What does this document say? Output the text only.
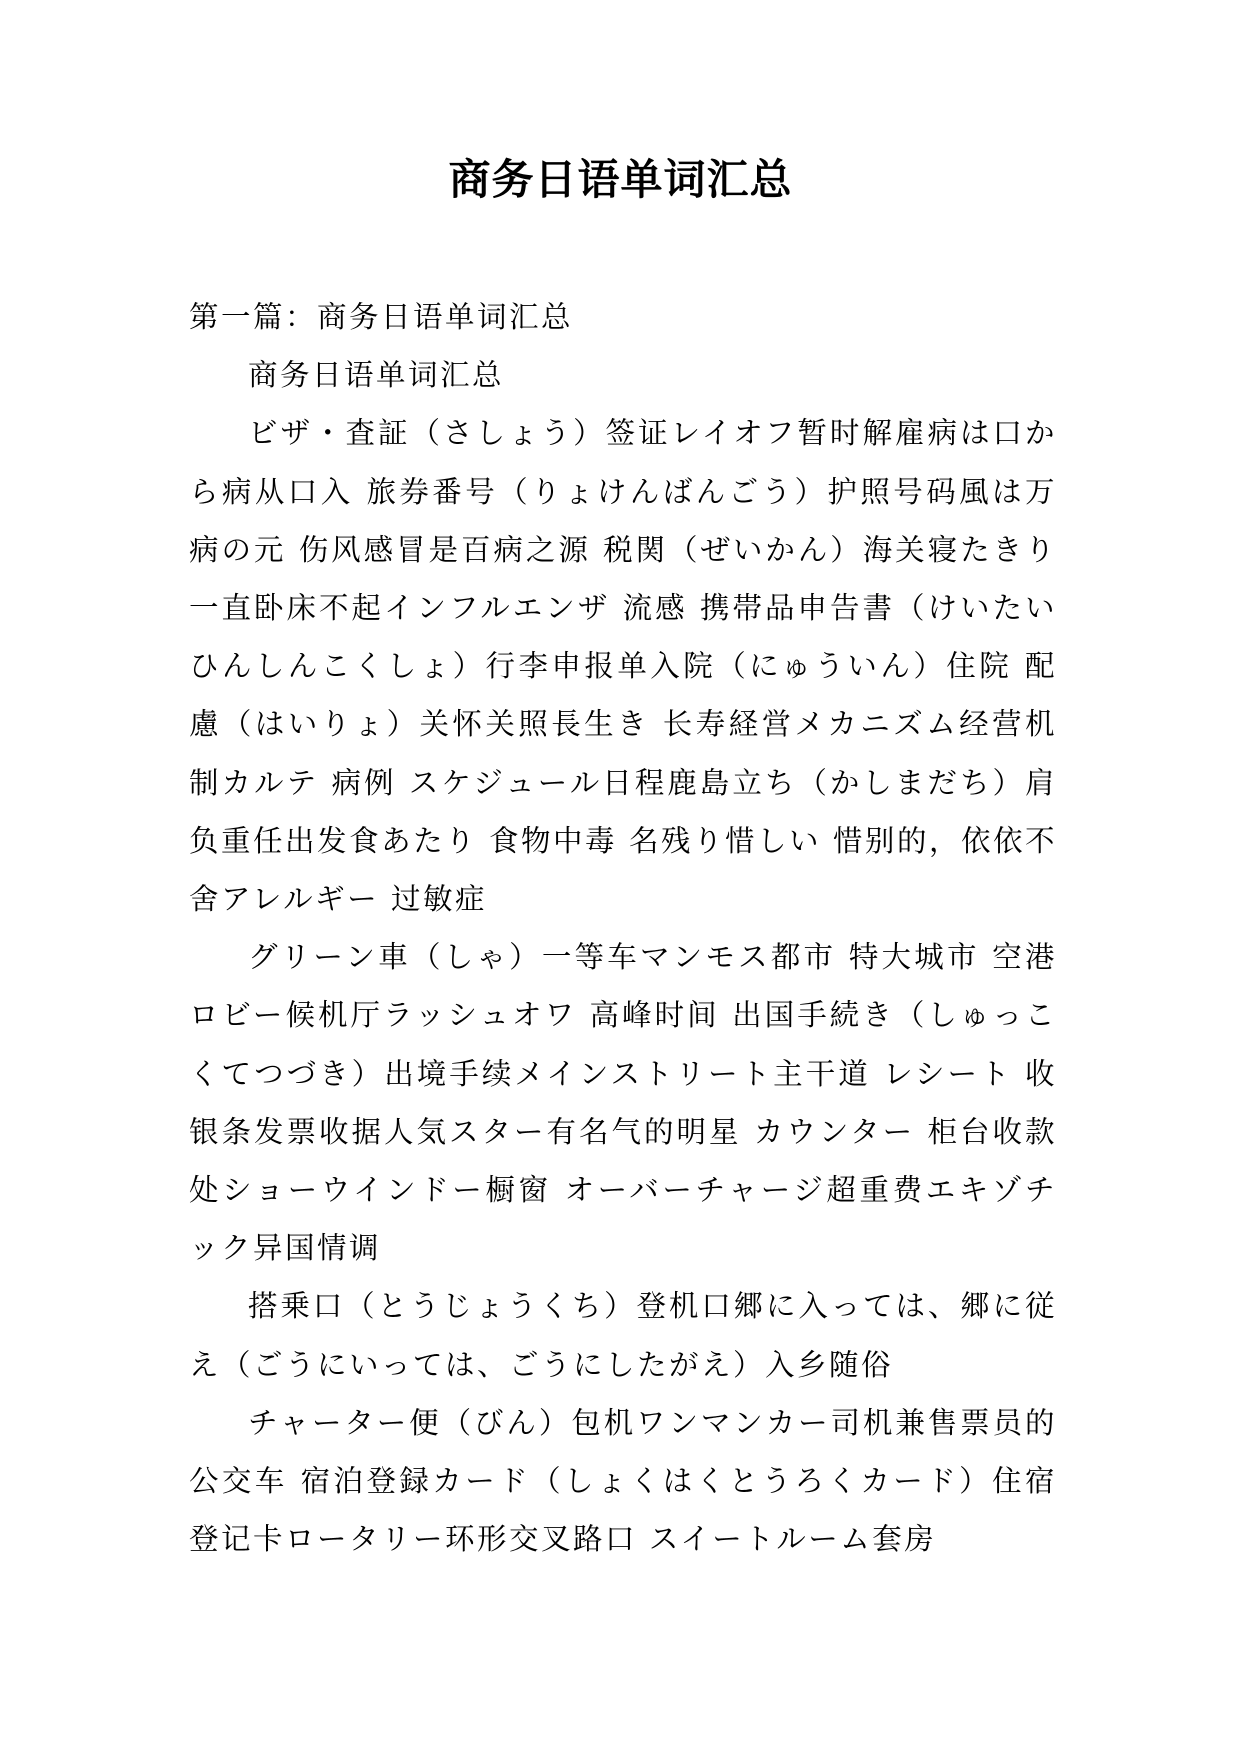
商务日语单词汇总

第一篇：商务日语单词汇总

商务日语单词汇总

ビザ・査証（さしょう）签证レイオフ暂时解雇病は口から病从口入 旅券番号（りょけんばんごう）护照号码風は万病の元 伤风感冒是百病之源 税関（ぜいかん）海关寝たきり一直卧床不起インフルエンザ 流感 携帯品申告書（けいたいひんしんこくしょ）行李申报单入院（にゅういん）住院 配慮（はいりょ）关怀关照長生き 长寿経営メカニズム经营机制カルテ 病例 スケジュール日程鹿島立ち（かしまだち）肩负重任出发食あたり 食物中毒 名残り惜しい 惜别的，依依不舍アレルギー 过敏症

グリーン車（しゃ）一等车マンモス都市 特大城市 空港ロビー候机厅ラッシュオワ 高峰时间 出国手続き（しゅっこくてつづき）出境手续メインストリート主干道 レシート 收银条发票收据人気スター有名气的明星 カウンター 柜台收款处ショーウインドー橱窗 オーバーチャージ超重费エキゾチック异国情调

搭乗口（とうじょうくち）登机口郷に入っては、郷に従え（ごうにいっては、ごうにしたがえ）入乡随俗

チャーター便（びん）包机ワンマンカー司机兼售票员的公交车 宿泊登録カード（しょくはくとうろくカード）住宿登记卡ロータリー环形交叉路口 スイートルーム套房
